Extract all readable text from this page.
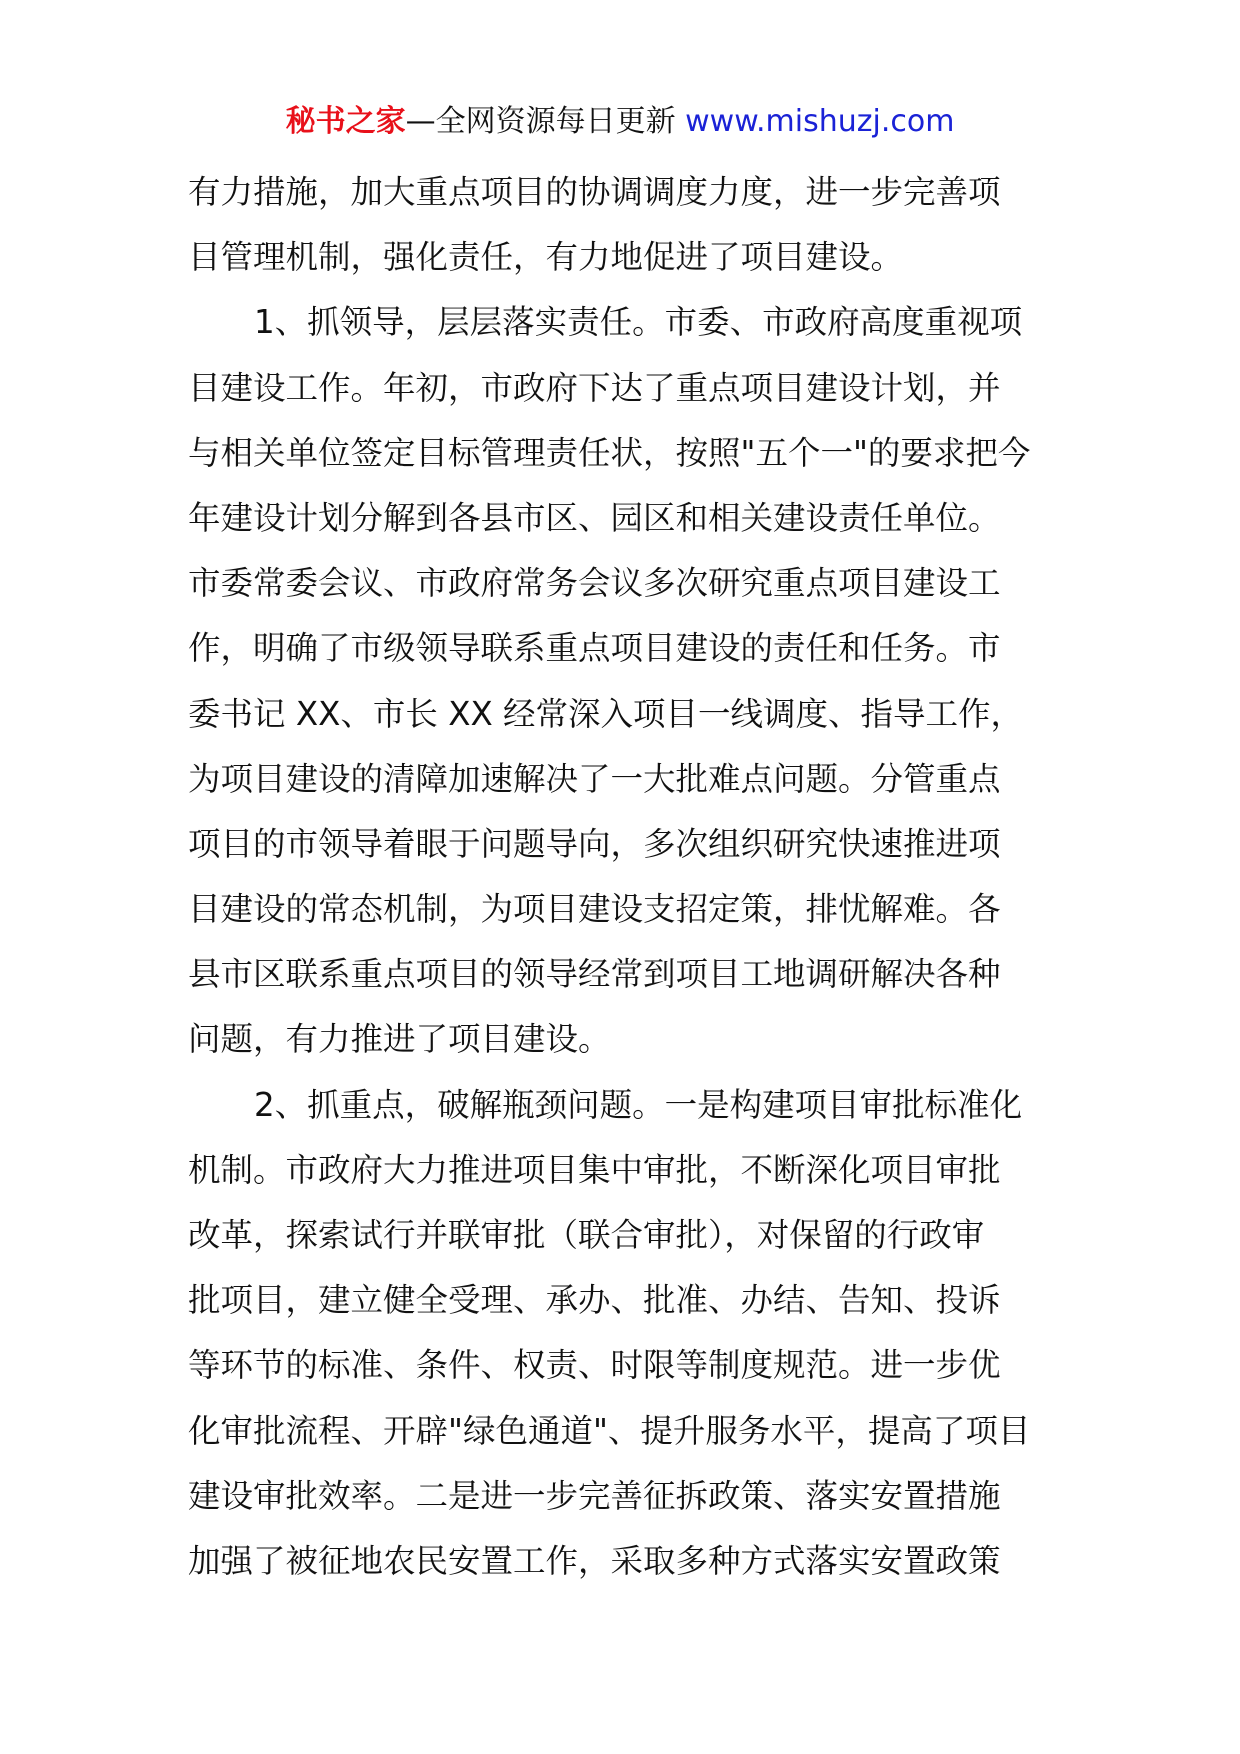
秘书之家—全网资源每日更新 www.mishuzj.com
有力措施，加大重点项目的协调调度力度，进一步完善项
目管理机制，强化责任，有力地促进了项目建设。
1、抓领导，层层落实责任。市委、市政府高度重视项
目建设工作。年初，市政府下达了重点项目建设计划，并
与相关单位签定目标管理责任状，按照"五个一"的要求把今
年建设计划分解到各县市区、园区和相关建设责任单位。
市委常委会议、市政府常务会议多次研究重点项目建设工
作，明确了市级领导联系重点项目建设的责任和任务。市
委书记 XX、市长 XX 经常深入项目一线调度、指导工作，
为项目建设的清障加速解决了一大批难点问题。分管重点
项目的市领导着眼于问题导向，多次组织研究快速推进项
目建设的常态机制，为项目建设支招定策，排忧解难。各
县市区联系重点项目的领导经常到项目工地调研解决各种
问题，有力推进了项目建设。
2、抓重点，破解瓶颈问题。一是构建项目审批标准化
机制。市政府大力推进项目集中审批，不断深化项目审批
改革，探索试行并联审批（联合审批），对保留的行政审
批项目，建立健全受理、承办、批准、办结、告知、投诉
等环节的标准、条件、权责、时限等制度规范。进一步优
化审批流程、开辟"绿色通道"、提升服务水平，提高了项目
建设审批效率。二是进一步完善征拆政策、落实安置措施
加强了被征地农民安置工作，采取多种方式落实安置政策
